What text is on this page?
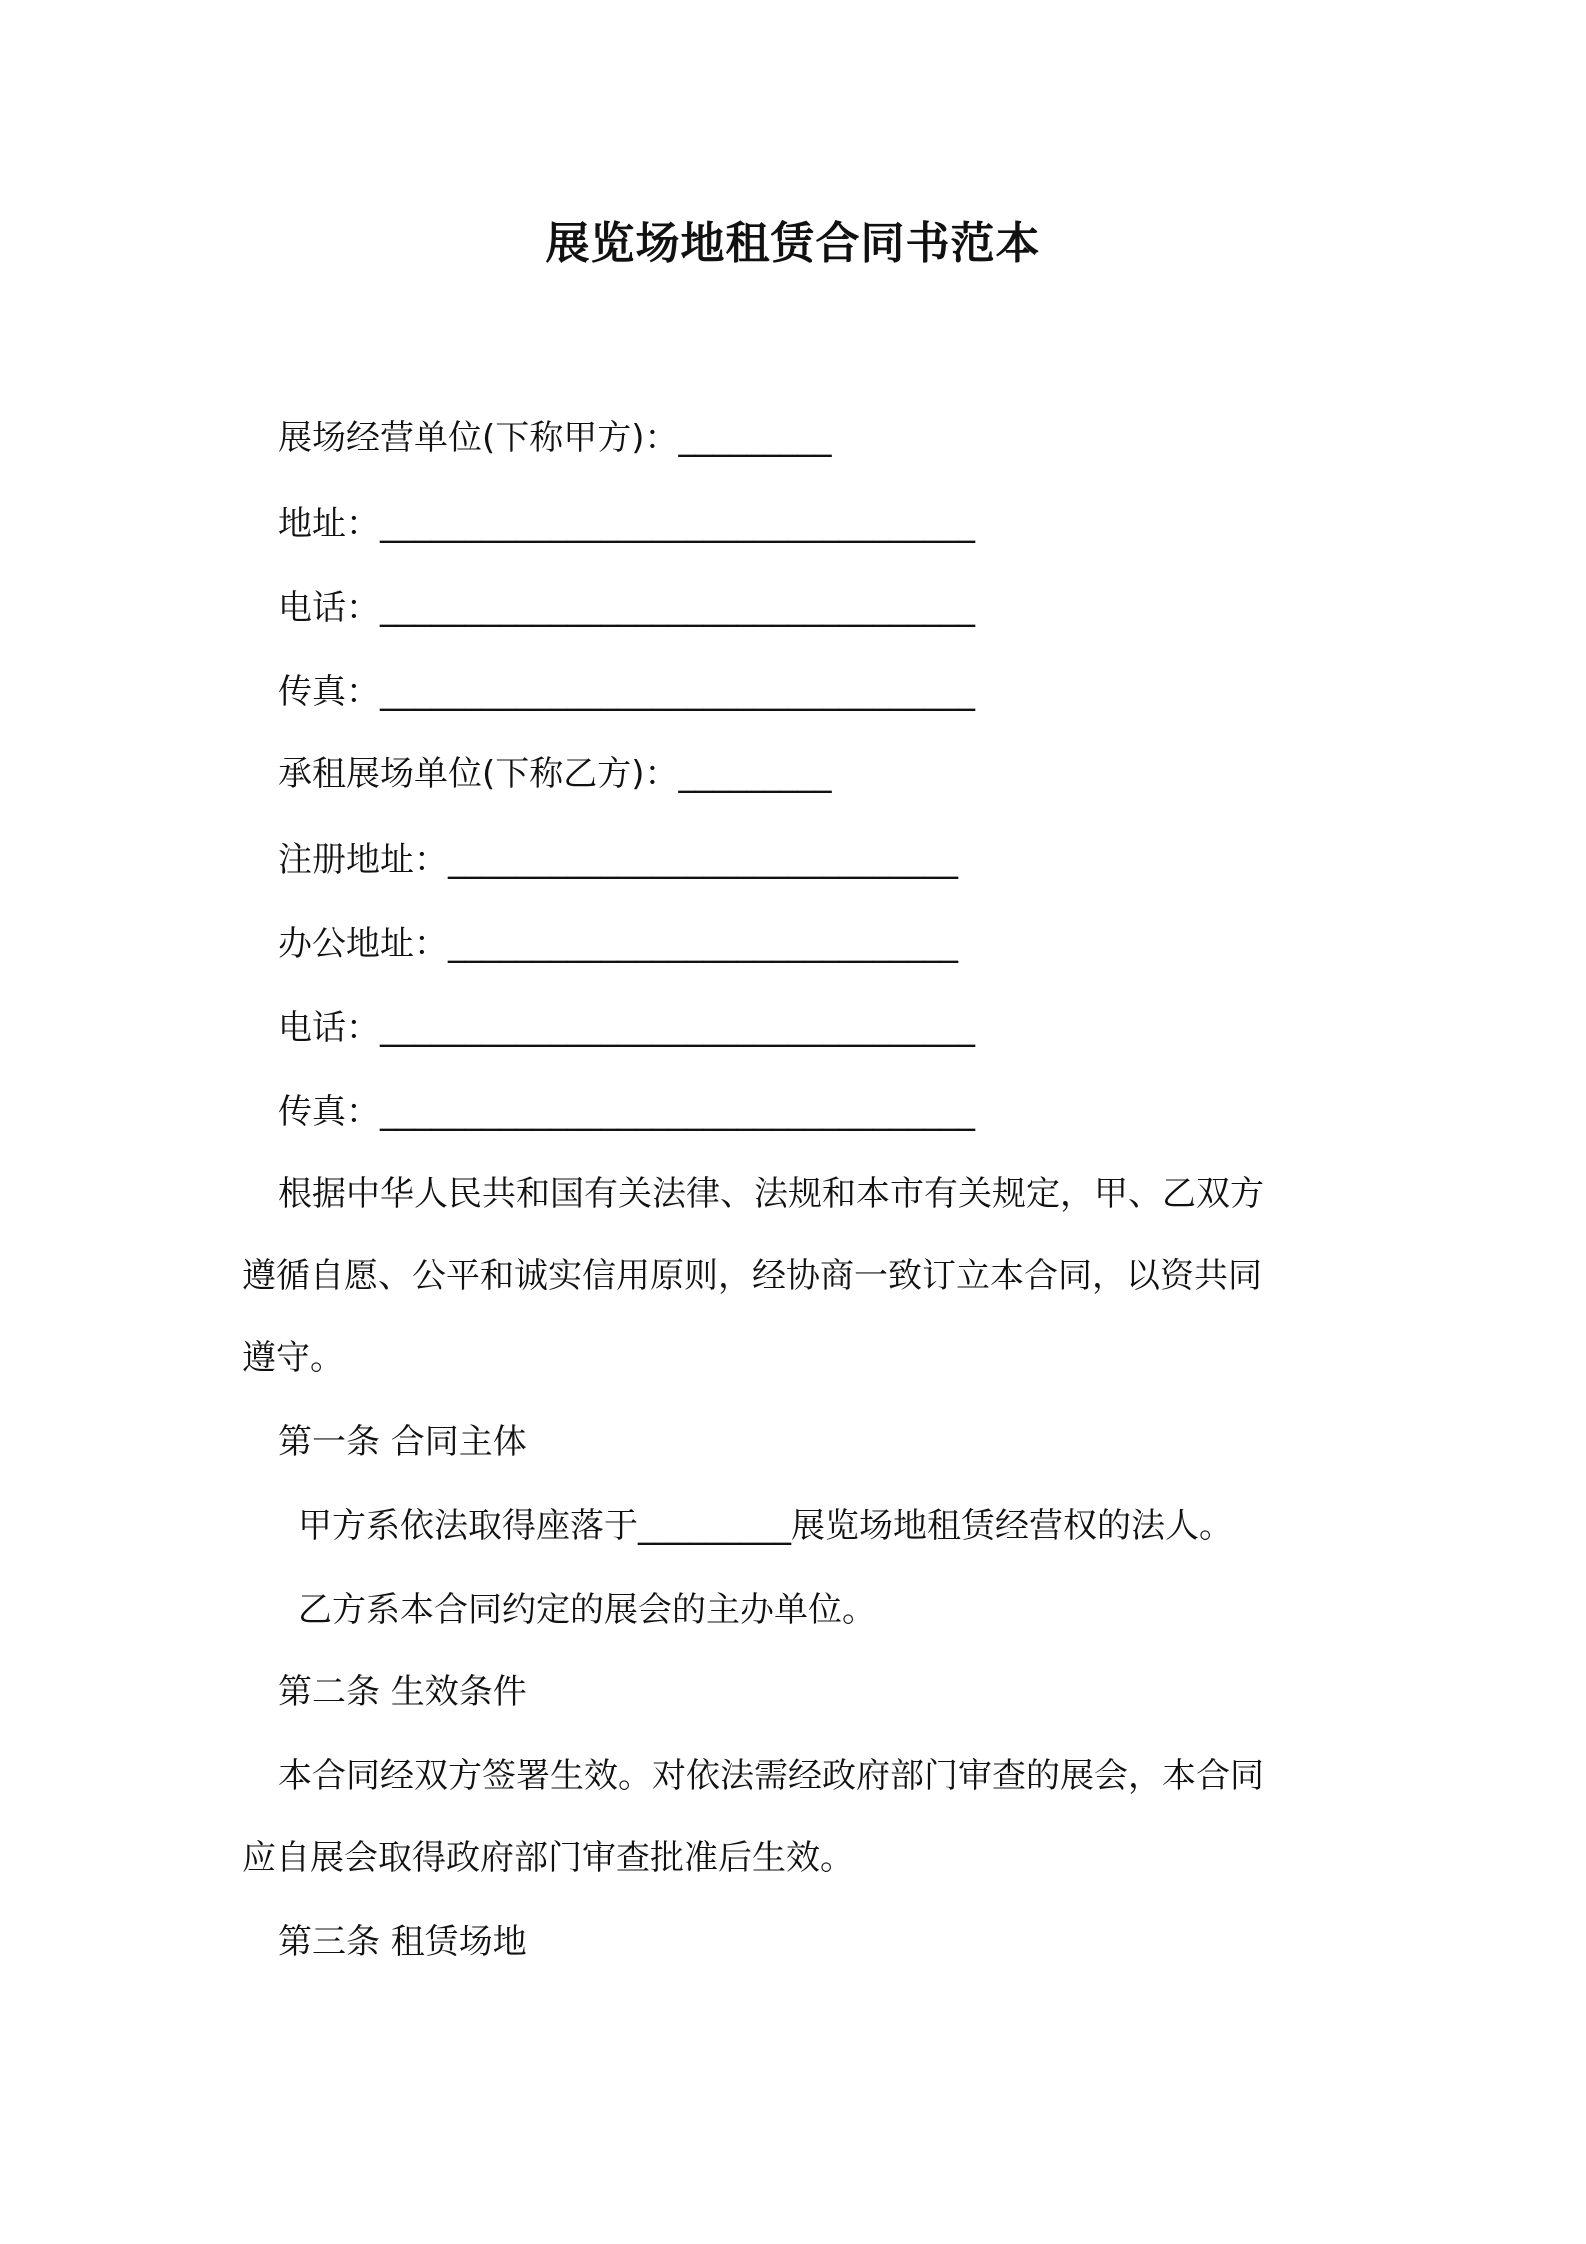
展览场地租赁合同书范本

展场经营单位(下称甲方)：_________

地址：___________________________________

电话：___________________________________

传真：___________________________________

承租展场单位(下称乙方)：_________

注册地址：______________________________

办公地址：______________________________

电话：___________________________________

传真：___________________________________

根据中华人民共和国有关法律、法规和本市有关规定，甲、乙双方

遵循自愿、公平和诚实信用原则，经协商一致订立本合同，以资共同

遵守。

第一条 合同主体

甲方系依法取得座落于_________展览场地租赁经营权的法人。

乙方系本合同约定的展会的主办单位。

第二条 生效条件

本合同经双方签署生效。对依法需经政府部门审查的展会，本合同

应自展会取得政府部门审查批准后生效。

第三条 租赁场地
